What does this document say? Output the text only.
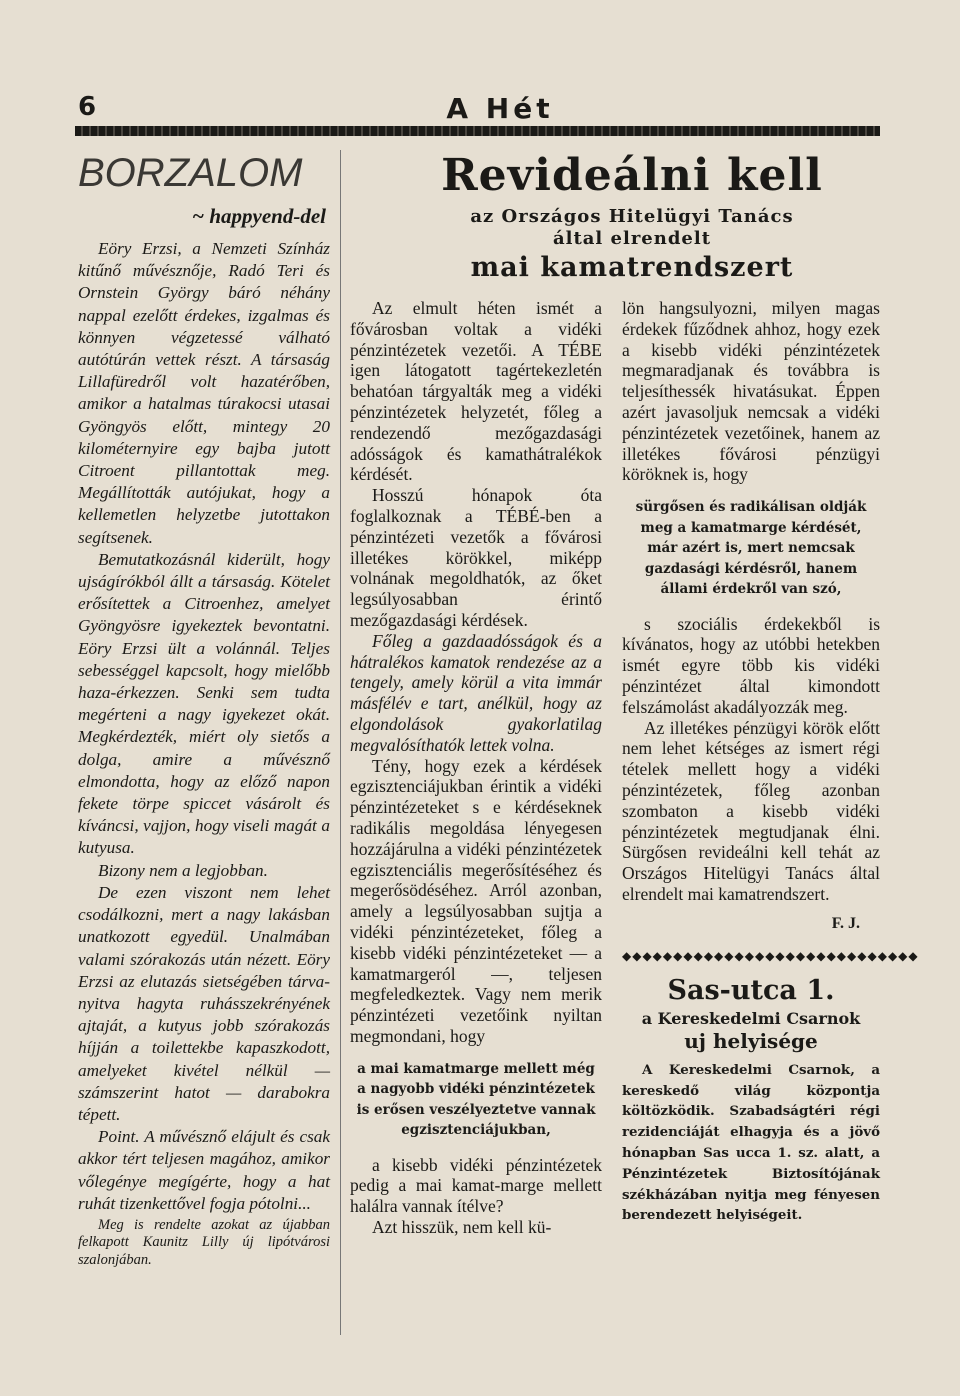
6	A Hét
BORZALOM
~ happyend-del

Eöry Erzsi, a Nemzeti Színház kitűnő művésznője, Radó Teri és Ornstein György báró néhány nappal ezelőtt érdekes, izgalmas és könnyen végzetessé válható autótúrán vettek részt. A társaság Lillafüredről volt hazatérőben, amikor a hatalmas túrakocsi utasai Gyöngyös előtt, mintegy 20 kilométernyire egy bajba jutott Citroent pillantottak meg. Megállították autójukat, hogy a kellemetlen helyzetbe jutottakon segítsenek.

Bemutatkozásnál kiderült, hogy ujságírókból állt a társaság. Kötelet erősítettek a Citroenhez, amelyet Gyöngyösre igyekeztek bevontatni. Eöry Erzsi ült a volánnál. Teljes sebességgel kapcsolt, hogy mielőbb haza-érkezzen. Senki sem tudta megérteni a nagy igyekezet okát. Megkérdezték, miért oly sietős a dolga, amire a művésznő elmondotta, hogy az előző napon fekete törpe spiccet vásárolt és kíváncsi, vajjon, hogy viseli magát a kutyusa.

Bizony nem a legjobban.

De ezen viszont nem lehet csodálkozni, mert a nagy lakásban unatkozott egyedül. Unalmában valami szórakozás után nézett. Eöry Erzsi az elutazás sietségében tárva-nyitva hagyta ruhásszekrényének ajtaját, a kutyus jobb szórakozás híjján a toilettekbe kapaszkodott, amelyeket kivétel nélkül — számszerint hatot — darabokra tépett.

Point. A művésznő elájult és csak akkor tért teljesen magához, amikor vőlegénye megígérte, hogy a hat ruhát tizenkettővel fogja pótolni...

Meg is rendelte azokat az újabban felkapott Kaunitz Lilly új lipótvárosi szalonjában.

Revideálni kell
az Országos Hitelügyi Tanács
által elrendelt
mai kamatrendszert

Az elmult héten ismét a fővárosban voltak a vidéki pénzintézetek vezetői. A TÉBE igen látogatott tagértekezletén behatóan tárgyalták meg a vidéki pénzintézetek helyzetét, főleg a rendezendő mezőgazdasági adósságok és kamathátralékok kérdését.

Hosszú hónapok óta foglalkoznak a TÉBÉ-ben a pénzintézeti vezetők a fővárosi illetékes körökkel, miképp volnának megoldhatók, az őket legsúlyosabban érintő mezőgazdasági kérdések.

Főleg a gazdaadósságok és a hátralékos kamatok rendezése az a tengely, amely körül a vita immár másfélév e tart, anélkül, hogy az elgondolások gyakorlatilag megvalósíthatók lettek volna.

Tény, hogy ezek a kérdések egzisztenciájukban érintik a vidéki pénzintézeteket s e kérdéseknek radikális megoldása lényegesen hozzájárulna a vidéki pénzintézetek egzisztenciális megerősítéséhez és megerősödéséhez. Arról azonban, amely a legsúlyosabban sujtja a vidéki pénzintézeteket, főleg a kisebb vidéki pénzintézeteket — a kamatmargeról —, teljesen megfeledkeztek. Vagy nem merik pénzintézeti vezetőink nyiltan megmondani, hogy

a mai kamatmarge mellett még a nagyobb vidéki pénzintézetek is erősen veszélyeztetve vannak egzisztenciájukban,

a kisebb vidéki pénzintézetek pedig a mai kamat-marge mellett halálra vannak ítélve?

Azt hisszük, nem kell kü-

lön hangsulyozni, milyen magas érdekek fűződnek ahhoz, hogy ezek a kisebb vidéki pénzintézetek megmaradjanak és továbbra is teljesíthessék hivatásukat. Éppen azért javasoljuk nemcsak a vidéki pénzintézetek vezetőinek, hanem az illetékes fővárosi pénzügyi köröknek is, hogy

sürgősen és radikálisan oldják meg a kamatmarge kérdését, már azért is, mert nemcsak gazdasági kérdésről, hanem állami érdekről van szó,

s szociális érdekekből is kívánatos, hogy az utóbbi hetekben ismét egyre több kis vidéki pénzintézet által kimondott felszámolást akadályozzák meg.

Az illetékes pénzügyi körök előtt nem lehet kétséges az ismert régi tételek mellett hogy a vidéki pénzintézetek, főleg azonban szombaton a kisebb vidéki pénzintézetek megtudjanak élni. Sürgősen revideálni kell tehát az Országos Hitelügyi Tanács által elrendelt mai kamatrendszert.

F. J.
◆◆◆◆◆◆◆◆◆◆◆◆◆◆◆◆◆◆◆◆◆◆◆◆◆◆◆◆◆
Sas-utca 1.
a Kereskedelmi Csarnok
uj helyisége
A Kereskedelmi Csarnok, a kereskedő világ központja költözködik. Szabadságtéri régi rezidenciáját elhagyja és a jövő hónapban Sas ucca 1. sz. alatt, a Pénzintézetek Biztosítójának székházában nyitja meg fényesen berendezett helyiségeit.
